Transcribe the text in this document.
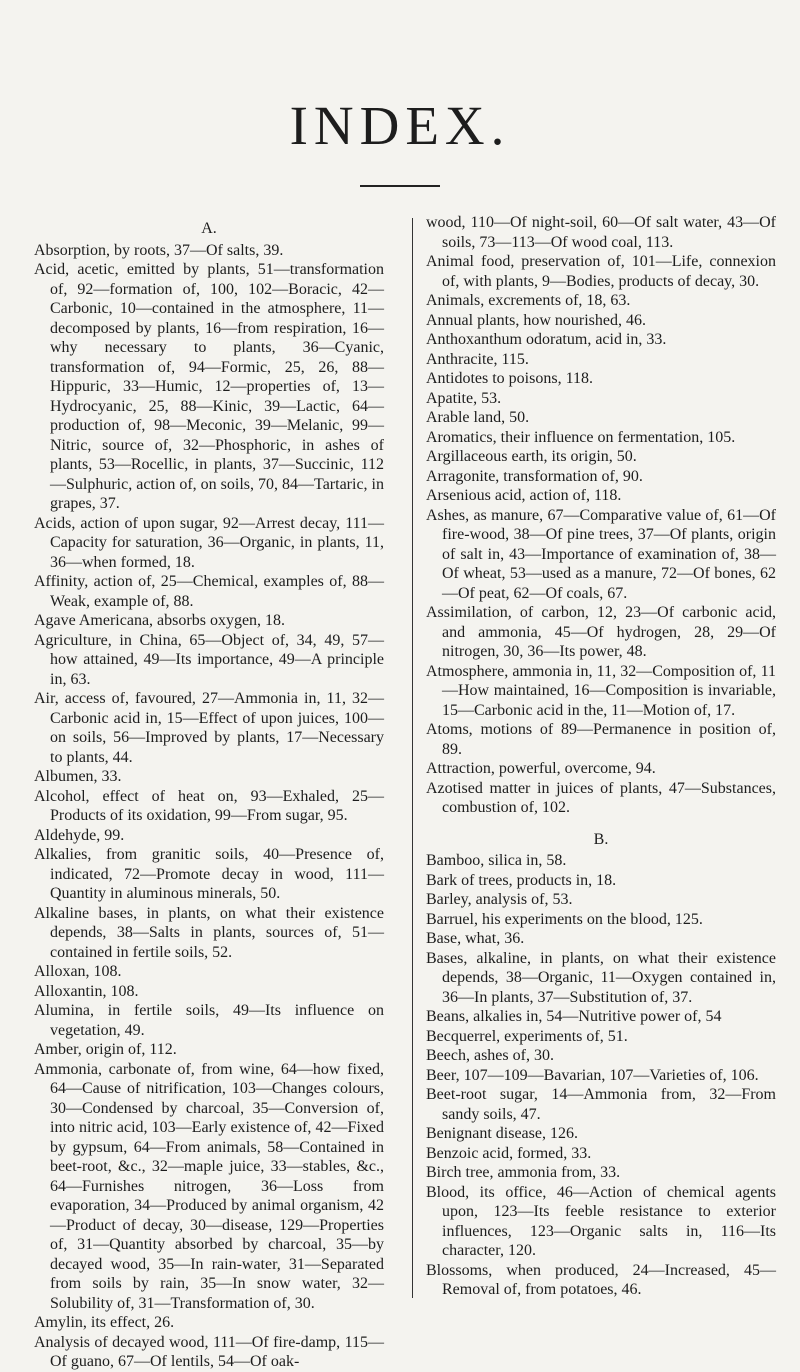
INDEX.

A.

Absorption, by roots, 37—Of salts, 39.

Acid, acetic, emitted by plants, 51—transformation of, 92—formation of, 100, 102—Boracic, 42—Carbonic, 10—contained in the atmosphere, 11—decomposed by plants, 16—from respiration, 16—why necessary to plants, 36—Cyanic, transformation of, 94—Formic, 25, 26, 88—Hippuric, 33—Humic, 12—properties of, 13—Hydrocyanic, 25, 88—Kinic, 39—Lactic, 64—production of, 98—Meconic, 39—Melanic, 99—Nitric, source of, 32—Phosphoric, in ashes of plants, 53—Rocellic, in plants, 37—Succinic, 112—Sulphuric, action of, on soils, 70, 84—Tartaric, in grapes, 37.

Acids, action of upon sugar, 92—Arrest decay, 111—Capacity for saturation, 36—Organic, in plants, 11, 36—when formed, 18.

Affinity, action of, 25—Chemical, examples of, 88—Weak, example of, 88.

Agave Americana, absorbs oxygen, 18.

Agriculture, in China, 65—Object of, 34, 49, 57—how attained, 49—Its importance, 49—A principle in, 63.

Air, access of, favoured, 27—Ammonia in, 11, 32—Carbonic acid in, 15—Effect of upon juices, 100—on soils, 56—Improved by plants, 17—Necessary to plants, 44.

Albumen, 33.

Alcohol, effect of heat on, 93—Exhaled, 25—Products of its oxidation, 99—From sugar, 95.

Aldehyde, 99.

Alkalies, from granitic soils, 40—Presence of, indicated, 72—Promote decay in wood, 111—Quantity in aluminous minerals, 50.

Alkaline bases, in plants, on what their existence depends, 38—Salts in plants, sources of, 51—contained in fertile soils, 52.

Alloxan, 108.

Alloxantin, 108.

Alumina, in fertile soils, 49—Its influence on vegetation, 49.

Amber, origin of, 112.

Ammonia, carbonate of, from wine, 64—how fixed, 64—Cause of nitrification, 103—Changes colours, 30—Condensed by charcoal, 35—Conversion of, into nitric acid, 103—Early existence of, 42—Fixed by gypsum, 64—From animals, 58—Contained in beet-root, &c., 32—maple juice, 33—stables, &c., 64—Furnishes nitrogen, 36—Loss from evaporation, 34—Produced by animal organism, 42—Product of decay, 30—disease, 129—Properties of, 31—Quantity absorbed by charcoal, 35—by decayed wood, 35—In rain-water, 31—Separated from soils by rain, 35—In snow water, 32—Solubility of, 31—Transformation of, 30.

Amylin, its effect, 26.

Analysis of decayed wood, 111—Of fire-damp, 115—Of guano, 67—Of lentils, 54—Of oak-

wood, 110—Of night-soil, 60—Of salt water, 43—Of soils, 73—113—Of wood coal, 113.

Animal food, preservation of, 101—Life, connexion of, with plants, 9—Bodies, products of decay, 30.

Animals, excrements of, 18, 63.

Annual plants, how nourished, 46.

Anthoxanthum odoratum, acid in, 33.

Anthracite, 115.

Antidotes to poisons, 118.

Apatite, 53.

Arable land, 50.

Aromatics, their influence on fermentation, 105.

Argillaceous earth, its origin, 50.

Arragonite, transformation of, 90.

Arsenious acid, action of, 118.

Ashes, as manure, 67—Comparative value of, 61—Of fire-wood, 38—Of pine trees, 37—Of plants, origin of salt in, 43—Importance of examination of, 38—Of wheat, 53—used as a manure, 72—Of bones, 62—Of peat, 62—Of coals, 67.

Assimilation, of carbon, 12, 23—Of carbonic acid, and ammonia, 45—Of hydrogen, 28, 29—Of nitrogen, 30, 36—Its power, 48.

Atmosphere, ammonia in, 11, 32—Composition of, 11—How maintained, 16—Composition is invariable, 15—Carbonic acid in the, 11—Motion of, 17.

Atoms, motions of 89—Permanence in position of, 89.

Attraction, powerful, overcome, 94.

Azotised matter in juices of plants, 47—Substances, combustion of, 102.

B.

Bamboo, silica in, 58.

Bark of trees, products in, 18.

Barley, analysis of, 53.

Barruel, his experiments on the blood, 125.

Base, what, 36.

Bases, alkaline, in plants, on what their existence depends, 38—Organic, 11—Oxygen contained in, 36—In plants, 37—Substitution of, 37.

Beans, alkalies in, 54—Nutritive power of, 54

Becquerrel, experiments of, 51.

Beech, ashes of, 30.

Beer, 107—109—Bavarian, 107—Varieties of, 106.

Beet-root sugar, 14—Ammonia from, 32—From sandy soils, 47.

Benignant disease, 126.

Benzoic acid, formed, 33.

Birch tree, ammonia from, 33.

Blood, its office, 46—Action of chemical agents upon, 123—Its feeble resistance to exterior influences, 123—Organic salts in, 116—Its character, 120.

Blossoms, when produced, 24—Increased, 45—Removal of, from potatoes, 46.
